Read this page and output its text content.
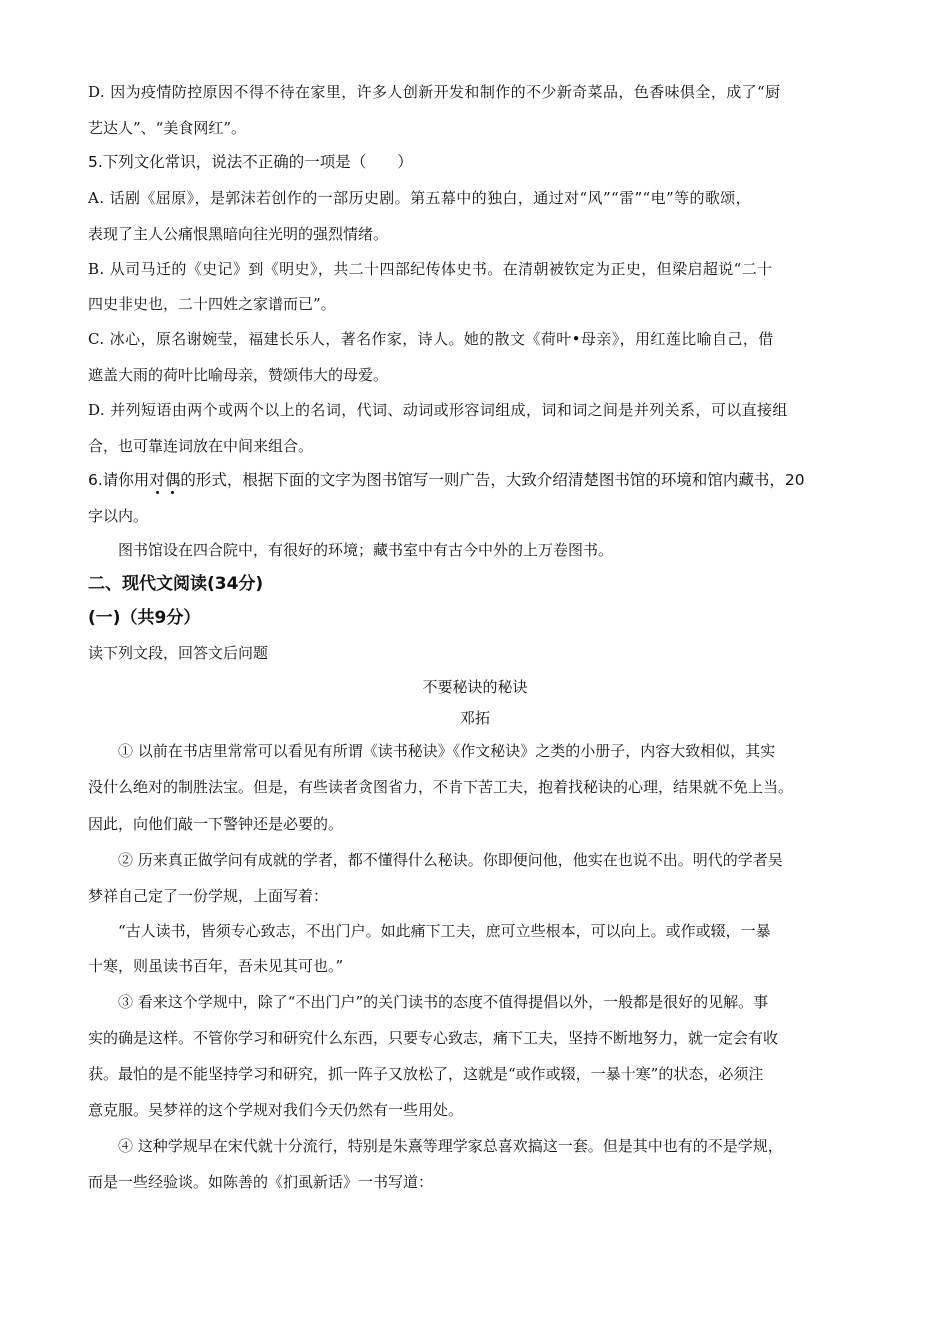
D. 因为疫情防控原因不得不待在家里，许多人创新开发和制作的不少新奇菜品，色香味俱全，成了“厨
艺达人”、“美食网红”。
5.下列文化常识，说法不正确的一项是（　　）
A. 话剧《屈原》，是郭沫若创作的一部历史剧。第五幕中的独白，通过对“风”“雷”“电”等的歌颂，
表现了主人公痛恨黑暗向往光明的强烈情绪。
B. 从司马迁的《史记》到《明史》，共二十四部纪传体史书。在清朝被钦定为正史，但梁启超说“二十
四史非史也，二十四姓之家谱而已”。
C. 冰心，原名谢婉莹，福建长乐人，著名作家，诗人。她的散文《荷叶•母亲》，用红莲比喻自己，借
遮盖大雨的荷叶比喻母亲，赞颂伟大的母爱。
D. 并列短语由两个或两个以上的名词，代词、动词或形容词组成，词和词之间是并列关系，可以直接组
合，也可靠连词放在中间来组合。
6.请你用对偶的形式，根据下面的文字为图书馆写一则广告，大致介绍清楚图书馆的环境和馆内藏书，20
字以内。
图书馆设在四合院中，有很好的环境；藏书室中有古今中外的上万卷图书。
二、现代文阅读(34分)
(一)（共9分）
读下列文段，回答文后问题
不要秘诀的秘诀
邓拓
① 以前在书店里常常可以看见有所谓《读书秘诀》《作文秘诀》之类的小册子，内容大致相似，其实
没什么绝对的制胜法宝。但是，有些读者贪图省力，不肯下苦工夫，抱着找秘诀的心理，结果就不免上当。
因此，向他们敲一下警钟还是必要的。
② 历来真正做学问有成就的学者，都不懂得什么秘诀。你即便问他，他实在也说不出。明代的学者吴
梦祥自己定了一份学规，上面写着：
“古人读书，皆须专心致志，不出门户。如此痛下工夫，庶可立些根本，可以向上。或作或辍，一暴
十寒，则虽读书百年，吾未见其可也。”
③ 看来这个学规中，除了“不出门户”的关门读书的态度不值得提倡以外，一般都是很好的见解。事
实的确是这样。不管你学习和研究什么东西，只要专心致志，痛下工夫，坚持不断地努力，就一定会有收
获。最怕的是不能坚持学习和研究，抓一阵子又放松了，这就是“或作或辍，一暴十寒”的状态，必须注
意克服。吴梦祥的这个学规对我们今天仍然有一些用处。
④ 这种学规早在宋代就十分流行，特别是朱熹等理学家总喜欢搞这一套。但是其中也有的不是学规，
而是一些经验谈。如陈善的《扪虱新话》一书写道：
